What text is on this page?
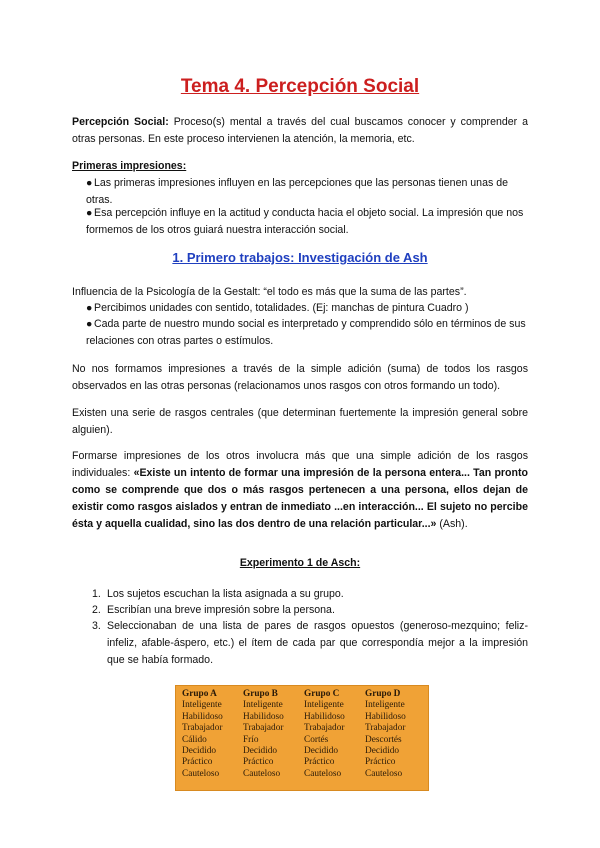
Tema 4. Percepción Social
Percepción Social: Proceso(s) mental a través del cual buscamos conocer y comprender a otras personas. En este proceso intervienen la atención, la memoria, etc.
Primeras impresiones:
● Las primeras impresiones influyen en las percepciones que las personas tienen unas de otras.
● Esa percepción influye en la actitud y conducta hacia el objeto social. La impresión que nos formemos de los otros guiará nuestra interacción social.
1. Primero trabajos: Investigación de Ash
Influencia de la Psicología de la Gestalt: “el todo es más que la suma de las partes”.
● Percibimos unidades con sentido, totalidades. (Ej: manchas de pintura Cuadro )
● Cada parte de nuestro mundo social es interpretado y comprendido sólo en términos de sus relaciones con otras partes o estímulos.
No nos formamos impresiones a través de la simple adición (suma) de todos los rasgos observados en las otras personas (relacionamos unos rasgos con otros formando un todo).
Existen una serie de rasgos centrales (que determinan fuertemente la impresión general sobre alguien).
Formarse impresiones de los otros involucra más que una simple adición de los rasgos individuales: «Existe un intento de formar una impresión de la persona entera... Tan pronto como se comprende que dos o más rasgos pertenecen a una persona, ellos dejan de existir como rasgos aislados y entran de inmediato ...en interacción... El sujeto no percibe ésta y aquella cualidad, sino las dos dentro de una relación particular...» (Ash).
Experimento 1 de Asch:
1. Los sujetos escuchan la lista asignada a su grupo.
2. Escribían una breve impresión sobre la persona.
3. Seleccionaban de una lista de pares de rasgos opuestos (generoso-mezquino; feliz-infeliz, afable-áspero, etc.) el ítem de cada par que correspondía mejor a la impresión que se había formado.
Grupo A	Grupo B	Grupo C	Grupo D
Inteligente	Inteligente	Inteligente	Inteligente
Habilidoso	Habilidoso	Habilidoso	Habilidoso
Trabajador	Trabajador	Trabajador	Trabajador
Cálido	Frío	Cortés	Descortés
Decidido	Decidido	Decidido	Decidido
Práctico	Práctico	Práctico	Práctico
Cauteloso	Cauteloso	Cauteloso	Cauteloso
